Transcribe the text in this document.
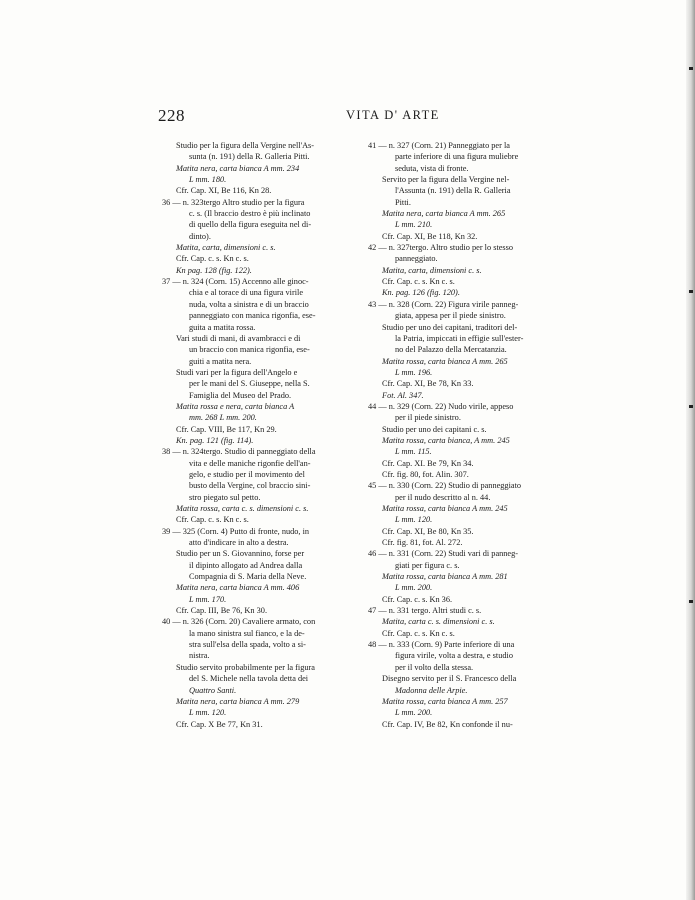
228	VITA D' ARTE
Studio per la figura della Vergine nell'As-
sunta (n. 191) della R. Galleria Pitti.
Matita nera, carta bianca A mm. 234
L mm. 180.
Cfr. Cap. XI, Be 116, Kn 28.
36 — n. 323tergo Altro studio per la figura
c. s. (Il braccio destro è più inclinato
di quello della figura eseguita nel di-
dinto).
Matita, carta, dimensioni c. s.
Cfr. Cap. c. s. Kn c. s.
Kn pag. 128 (fig. 122).
37 — n. 324 (Corn. 15) Accenno alle ginoc-
chia e al torace di una figura virile
nuda, volta a sinistra e di un braccio
panneggiato con manica rigonfia, ese-
guita a matita rossa.
Vari studi di mani, di avambracci e di
un braccio con manica rigonfia, ese-
guiti a matita nera.
Studi vari per la figura dell'Angelo e
per le mani del S. Giuseppe, nella S.
Famiglia del Museo del Prado.
Matita rossa e nera, carta bianca A
mm. 268 L mm. 200.
Cfr. Cap. VIII, Be 117, Kn 29.
Kn. pag. 121 (fig. 114).
38 — n. 324tergo. Studio di panneggiato della
vita e delle maniche rigonfie dell'an-
gelo, e studio per il movimento del
busto della Vergine, col braccio sini-
stro piegato sul petto.
Matita rossa, carta c. s. dimensioni c. s.
Cfr. Cap. c. s. Kn c. s.
39 — 325 (Corn. 4) Putto di fronte, nudo, in
atto d'indicare in alto a destra.
Studio per un S. Giovannino, forse per
il dipinto allogato ad Andrea dalla
Compagnia di S. Maria della Neve.
Matita nera, carta bianca A mm. 406
L mm. 170.
Cfr. Cap. III, Be 76, Kn 30.
40 — n. 326 (Corn. 20) Cavaliere armato, con
la mano sinistra sul fianco, e la de-
stra sull'elsa della spada, volto a si-
nistra.
Studio servito probabilmente per la figura
del S. Michele nella tavola detta dei
Quattro Santi.
Matita nera, carta bianca A mm. 279
L mm. 120.
Cfr. Cap. X Be 77, Kn 31.
41 — n. 327 (Corn. 21) Panneggiato per la
parte inferiore di una figura muliebre
seduta, vista di fronte.
Servito per la figura della Vergine nel-
l'Assunta (n. 191) della R. Galleria
Pitti.
Matita nera, carta bianca A mm. 265
L mm. 210.
Cfr. Cap. XI, Be 118, Kn 32.
42 — n. 327tergo. Altro studio per lo stesso
panneggiato.
Matita, carta, dimensioni c. s.
Cfr. Cap. c. s. Kn c. s.
Kn. pag. 126 (fig. 120).
43 — n. 328 (Corn. 22) Figura virile panneg-
giata, appesa per il piede sinistro.
Studio per uno dei capitani, traditori del-
la Patria, impiccati in effigie sull'ester-
no del Palazzo della Mercatanzia.
Matita rossa, carta bianca A mm. 265
L mm. 196.
Cfr. Cap. XI, Be 78, Kn 33.
Fot. Al. 347.
44 — n. 329 (Corn. 22) Nudo virile, appeso
per il piede sinistro.
Studio per uno dei capitani c. s.
Matita rossa, carta bianca, A mm. 245
L mm. 115.
Cfr. Cap. XI. Be 79, Kn 34.
Cfr. fig. 80, fot. Alin. 307.
45 — n. 330 (Corn. 22) Studio di panneggiato
per il nudo descritto al n. 44.
Matita rossa, carta bianca A mm. 245
L mm. 120.
Cfr. Cap. XI, Be 80, Kn 35.
Cfr. fig. 81, fot. Al. 272.
46 — n. 331 (Corn. 22) Studi vari di panneg-
giati per figura c. s.
Matita rossa, carta bianca A mm. 281
L mm. 200.
Cfr. Cap. c. s. Kn 36.
47 — n. 331 tergo. Altri studi c. s.
Matita, carta c. s. dimensioni c. s.
Cfr. Cap. c. s. Kn c. s.
48 — n. 333 (Corn. 9) Parte inferiore di una
figura virile, volta a destra, e studio
per il volto della stessa.
Disegno servito per il S. Francesco della
Madonna delle Arpie.
Matita rossa, carta bianca A mm. 257
L mm. 200.
Cfr. Cap. IV, Be 82, Kn confonde il nu-
